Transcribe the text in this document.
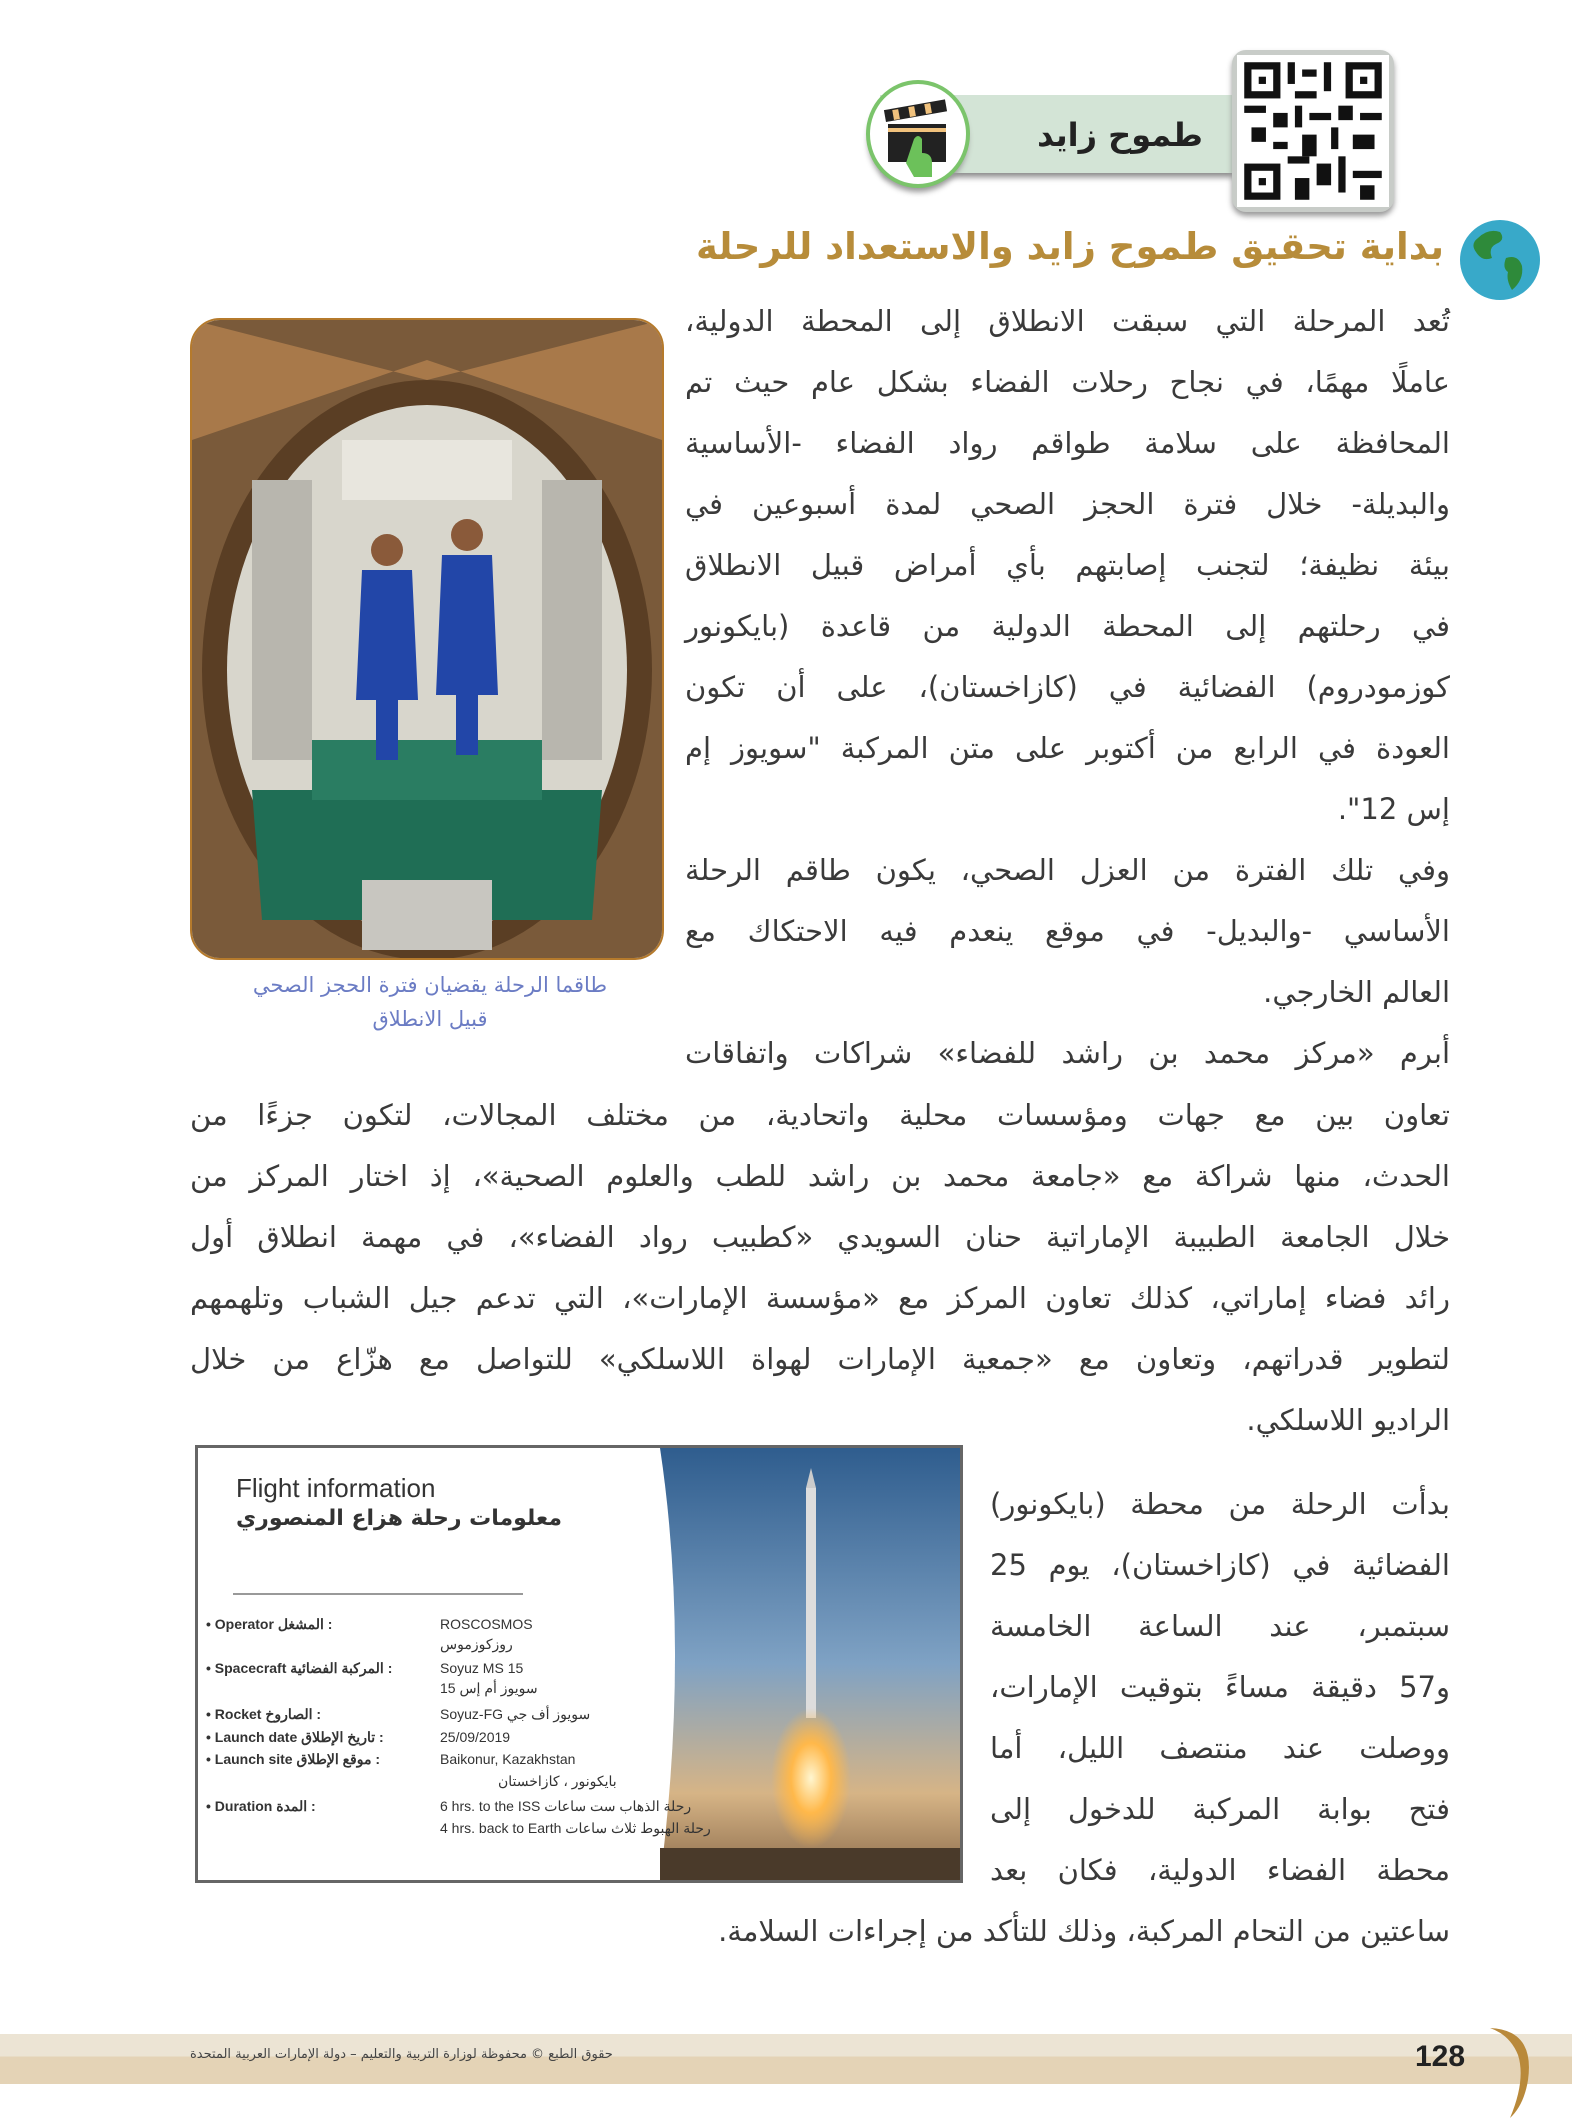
طموح زايد
بداية تحقيق طموح زايد والاستعداد للرحلة
طاقما الرحلة يقضيان فترة الحجز الصحي
قبيل الانطلاق
تُعد المرحلة التي سبقت الانطلاق إلى المحطة الدولية،
عاملًا مهمًا، في نجاح رحلات الفضاء بشكل عام حيث تم
المحافظة على سلامة طواقم رواد الفضاء -الأساسية
والبديلة- خلال فترة الحجز الصحي لمدة أسبوعين في
بيئة نظيفة؛ لتجنب إصابتهم بأي أمراض قبيل الانطلاق
في رحلتهم إلى المحطة الدولية من قاعدة (بايكونور
كوزمودروم) الفضائية في (كازاخستان)، على أن تكون
العودة في الرابع من أكتوبر على متن المركبة "سويوز إم
إس 12".
وفي تلك الفترة من العزل الصحي، يكون طاقم الرحلة
الأساسي -والبديل- في موقع ينعدم فيه الاحتكاك مع
العالم الخارجي.
أبرم «مركز محمد بن راشد للفضاء» شراكات واتفاقات
تعاون بين مع جهات ومؤسسات محلية واتحادية، من مختلف المجالات، لتكون جزءًا من
الحدث، منها شراكة مع «جامعة محمد بن راشد للطب والعلوم الصحية»، إذ اختار المركز من
خلال الجامعة الطبيبة الإماراتية حنان السويدي «كطبيب رواد الفضاء»، في مهمة انطلاق أول
رائد فضاء إماراتي، كذلك تعاون المركز مع «مؤسسة الإمارات»، التي تدعم جيل الشباب وتلهمهم
لتطوير قدراتهم، وتعاون مع «جمعية الإمارات لهواة اللاسلكي» للتواصل مع هزّاع من خلال
الراديو اللاسلكي.
بدأت الرحلة من محطة (بايكونور)
الفضائية في (كازاخستان)، يوم 25
سبتمبر، عند الساعة الخامسة
و57 دقيقة مساءً بتوقيت الإمارات،
ووصلت عند منتصف الليل، أما
فتح بوابة المركبة للدخول إلى
محطة الفضاء الدولية، فكان بعد
ساعتين من التحام المركبة، وذلك للتأكد من إجراءات السلامة.
Flight information
معلومات رحلة هزاع المنصوري
• Operator المشغل :	ROSCOSMOS
روزكوزموس
• Spacecraft المركبة الفضائية :	Soyuz MS 15
سويوز أم إس 15
• Rocket الصاروخ :	Soyuz-FG سويوز أف جي
• Launch date تاريخ الإطلاق :	25/09/2019
• Launch site موقع الإطلاق :	Baikonur, Kazakhstan
بايكونور ، كازاخستان
• Duration المدة :	6 hrs. to the ISS رحلة الذهاب ست ساعات
4 hrs. back to Earth رحلة الهبوط ثلاث ساعات
حقوق الطبع © محفوظة لوزارة التربية والتعليم – دولة الإمارات العربية المتحدة	128
